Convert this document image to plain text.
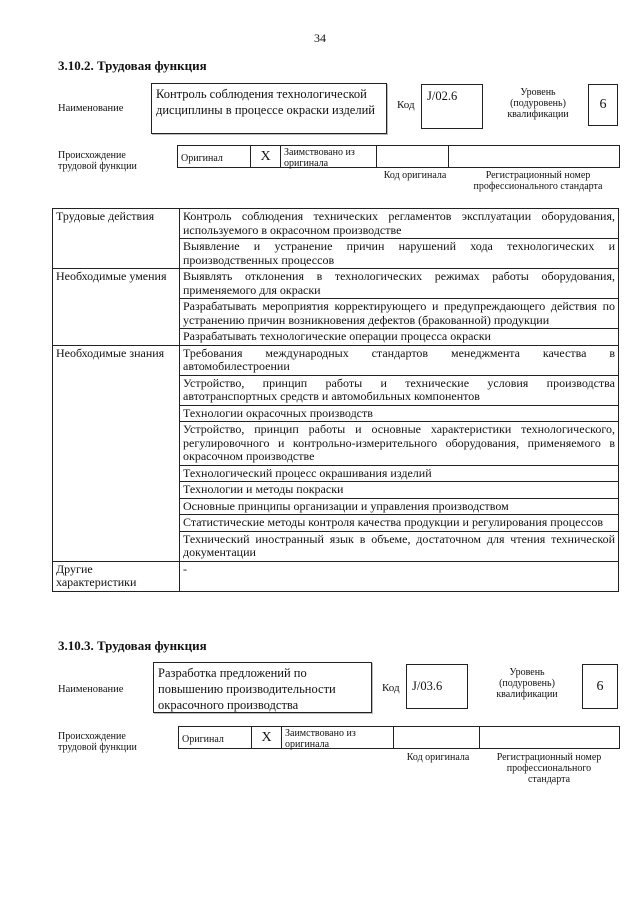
34
3.10.2. Трудовая функция
Наименование
Контроль соблюдения технологической дисциплины в процессе окраски изделий	Код
J/02.6	Уровень (подуровень) квалификации
6
Происхождение трудовой функции
Оригинал	X	Заимствовано из оригинала
Код оригинала	Регистрационный номер профессионального стандарта
Трудовые действия	Контроль соблюдения технических регламентов эксплуатации оборудования, используемого в окрасочном производстве
	Выявление и устранение причин нарушений хода технологических и производственных процессов
Необходимые умения	Выявлять отклонения в технологических режимах работы оборудования, применяемого для окраски
	Разрабатывать мероприятия корректирующего и предупреждающего действия по устранению причин возникновения дефектов (бракованной) продукции
	Разрабатывать технологические операции процесса окраски
Необходимые знания	Требования международных стандартов менеджмента качества в автомобилестроении
	Устройство, принцип работы и технические условия производства автотранспортных средств и автомобильных компонентов
	Технологии окрасочных производств
	Устройство, принцип работы и основные характеристики технологического, регулировочного и контрольно-измерительного оборудования, применяемого в окрасочном производстве
	Технологический процесс окрашивания изделий
	Технологии и методы покраски
	Основные принципы организации и управления производством
	Статистические методы контроля качества продукции и регулирования процессов
	Технический иностранный язык в объеме, достаточном для чтения технической документации
Другие характеристики	-
3.10.3. Трудовая функция
Наименование
Разработка предложений по повышению производительности окрасочного производства
Код J/03.6
Уровень (подуровень) квалификации
6
Происхождение трудовой функции
Оригинал	X	Заимствовано из оригинала
Код оригинала	Регистрационный номер профессионального стандарта
